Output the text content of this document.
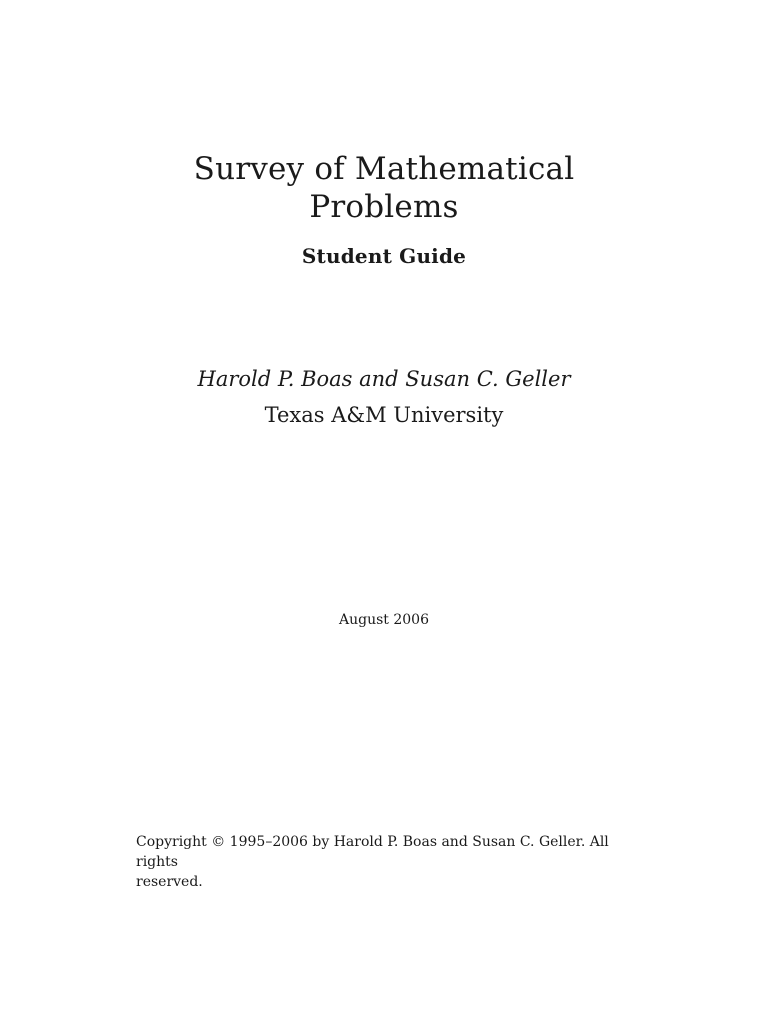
Survey of Mathematical
Problems
Student Guide
Harold P. Boas and Susan C. Geller
Texas A&M University
August 2006
Copyright © 1995–2006 by Harold P. Boas and Susan C. Geller. All rights
reserved.
